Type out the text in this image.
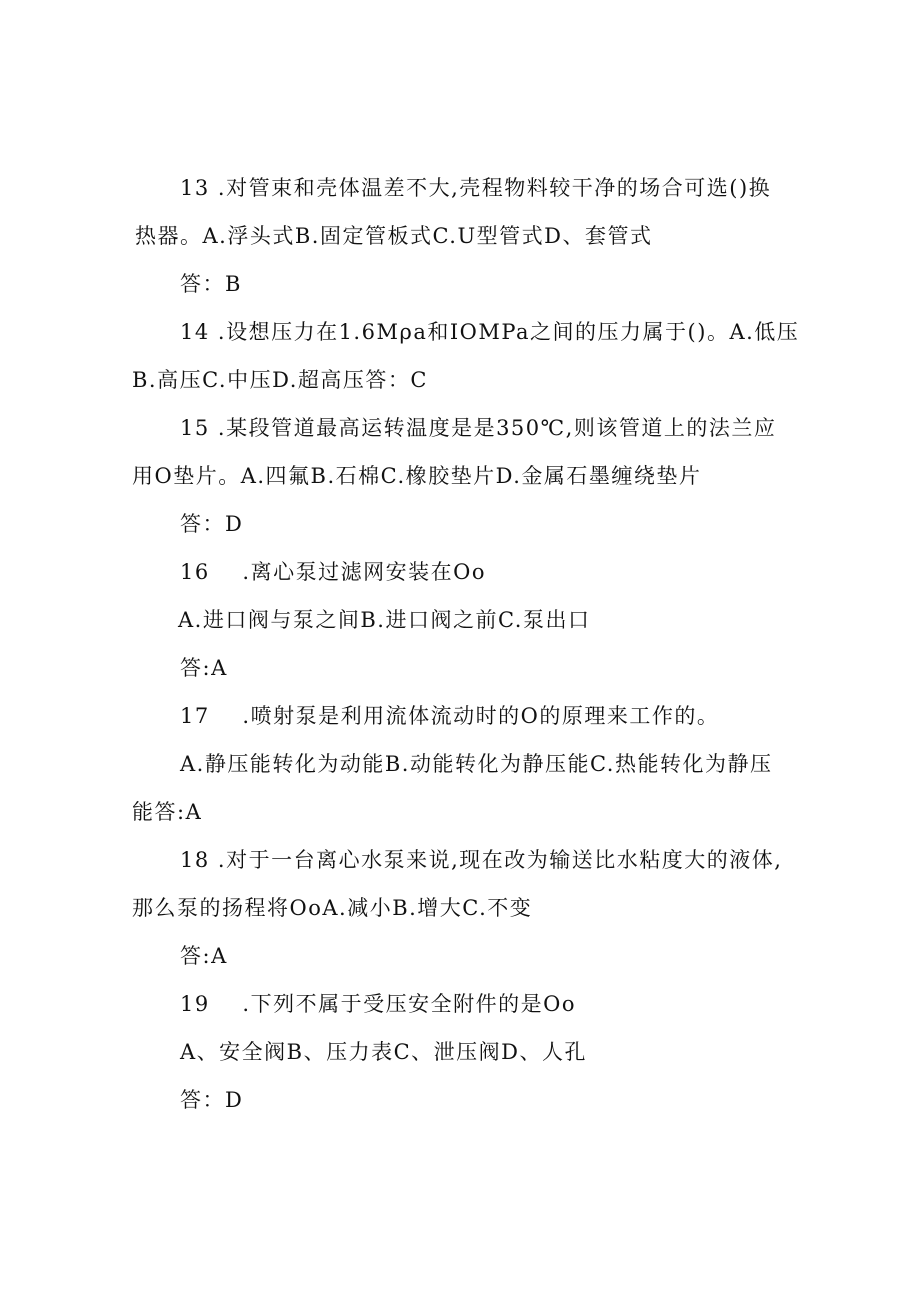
13 .对管束和壳体温差不大,壳程物料较干净的场合可选()换
热器。A.浮头式B.固定管板式C.U型管式D、套管式
答：B
14 .设想压力在1.6Mρa和IOMPa之间的压力属于()。A.低压
B.高压C.中压D.超高压答：C
15 .某段管道最高运转温度是是350℃,则该管道上的法兰应
用O垫片。A.四氟B.石棉C.橡胶垫片D.金属石墨缠绕垫片
答：D
16    .离心泵过滤网安装在Oo
A.进口阀与泵之间B.进口阀之前C.泵出口
答:A
17    .喷射泵是利用流体流动时的O的原理来工作的。
A.静压能转化为动能B.动能转化为静压能C.热能转化为静压
能答:A
18 .对于一台离心水泵来说,现在改为输送比水粘度大的液体,
那么泵的扬程将OoA.减小B.增大C.不变
答:A
19    .下列不属于受压安全附件的是Oo
A、安全阀B、压力表C、泄压阀D、人孔
答：D
